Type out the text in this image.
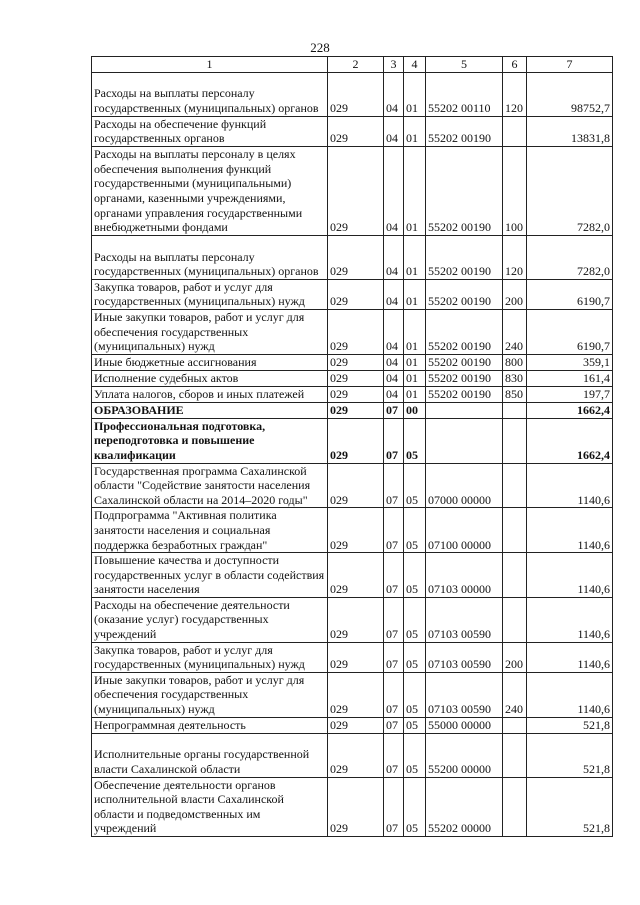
228
1	2	3	4	5	6	7
Расходы на выплаты персоналу государственных (муниципальных) органов	029	04	01	55202 00110	120	98752,7
Расходы на обеспечение функций государственных органов	029	04	01	55202 00190		13831,8
Расходы на выплаты персоналу в целях обеспечения выполнения функций государственными (муниципальными) органами, казенными учреждениями, органами управления государственными внебюджетными фондами	029	04	01	55202 00190	100	7282,0
Расходы на выплаты персоналу государственных (муниципальных) органов	029	04	01	55202 00190	120	7282,0
Закупка товаров, работ и услуг для государственных (муниципальных) нужд	029	04	01	55202 00190	200	6190,7
Иные закупки товаров, работ и услуг для обеспечения государственных (муниципальных) нужд	029	04	01	55202 00190	240	6190,7
Иные бюджетные ассигнования	029	04	01	55202 00190	800	359,1
Исполнение судебных актов	029	04	01	55202 00190	830	161,4
Уплата налогов, сборов и иных платежей	029	04	01	55202 00190	850	197,7
ОБРАЗОВАНИЕ	029	07	00			1662,4
Профессиональная подготовка, переподготовка и повышение квалификации	029	07	05			1662,4
Государственная программа Сахалинской области "Содействие занятости населения Сахалинской области на 2014–2020 годы"	029	07	05	07000 00000		1140,6
Подпрограмма "Активная политика занятости населения и социальная поддержка безработных граждан"	029	07	05	07100 00000		1140,6
Повышение качества и доступности государственных услуг в области содействия занятости населения	029	07	05	07103 00000		1140,6
Расходы на обеспечение деятельности (оказание услуг) государственных учреждений	029	07	05	07103 00590		1140,6
Закупка товаров, работ и услуг для государственных (муниципальных) нужд	029	07	05	07103 00590	200	1140,6
Иные закупки товаров, работ и услуг для обеспечения государственных (муниципальных) нужд	029	07	05	07103 00590	240	1140,6
Непрограммная деятельность	029	07	05	55000 00000		521,8
Исполнительные органы государственной власти Сахалинской области	029	07	05	55200 00000		521,8
Обеспечение деятельности органов исполнительной власти Сахалинской области и подведомственных им учреждений	029	07	05	55202 00000		521,8
